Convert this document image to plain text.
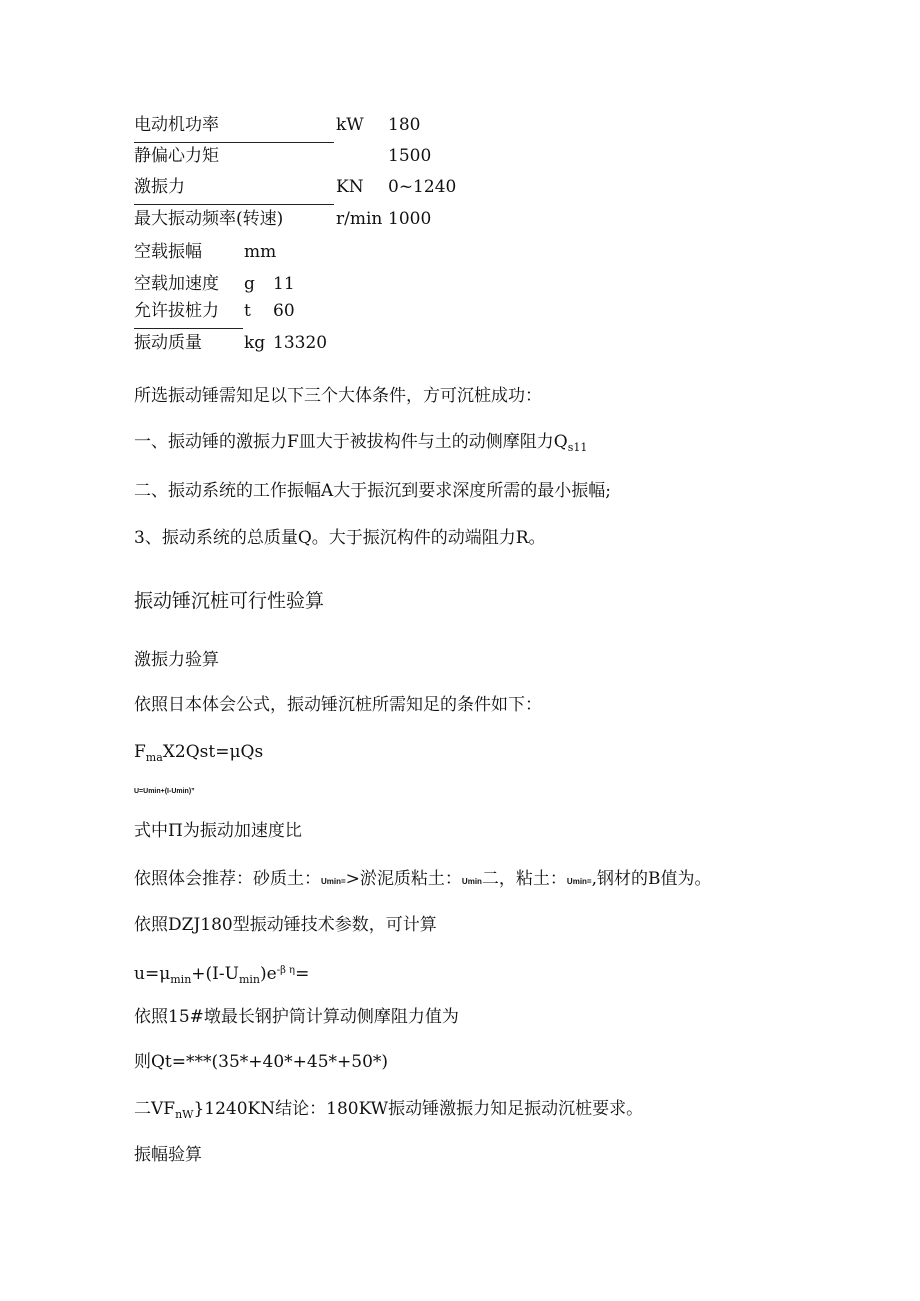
电动机功率	kW 180
静偏心力矩	1500
激振力	KN 0~1240
最大振动频率(转速)	r/min 1000
空载振幅 mm
空载加速度 g 11
允许拔桩力 t 60
振动质量 kg 13320
所选振动锤需知足以下三个大体条件，方可沉桩成功：
一、振动锤的激振力F皿大于被拔构件与土的动侧摩阻力$Q_{s11}$
二、振动系统的工作振幅A大于振沉到要求深度所需的最小振幅;
3、振动系统的总质量Q。大于振沉构件的动端阻力R。
振动锤沉桩可行性验算
激振力验算
依照日本体会公式，振动锤沉桩所需知足的条件如下：
$F_{ma}X2Qst=\mu Qs$
U=Umin+(I-Umin)”
式中Π为振动加速度比
依照体会推荐：砂质土：Umin=>淤泥质粘土：Umin二，粘土：Umin=,钢材的B值为。
依照DZJ180型振动锤技术参数，可计算
$u=\mu_{min}+(I-U_{min})e^{-\beta \eta}=$
依照15#墩最长钢护筒计算动侧摩阻力值为
则Qt=***(35*+40*+45*+50*)
二$VF_{nW}\}1240KN$结论：180KW振动锤激振力知足振动沉桩要求。
振幅验算
